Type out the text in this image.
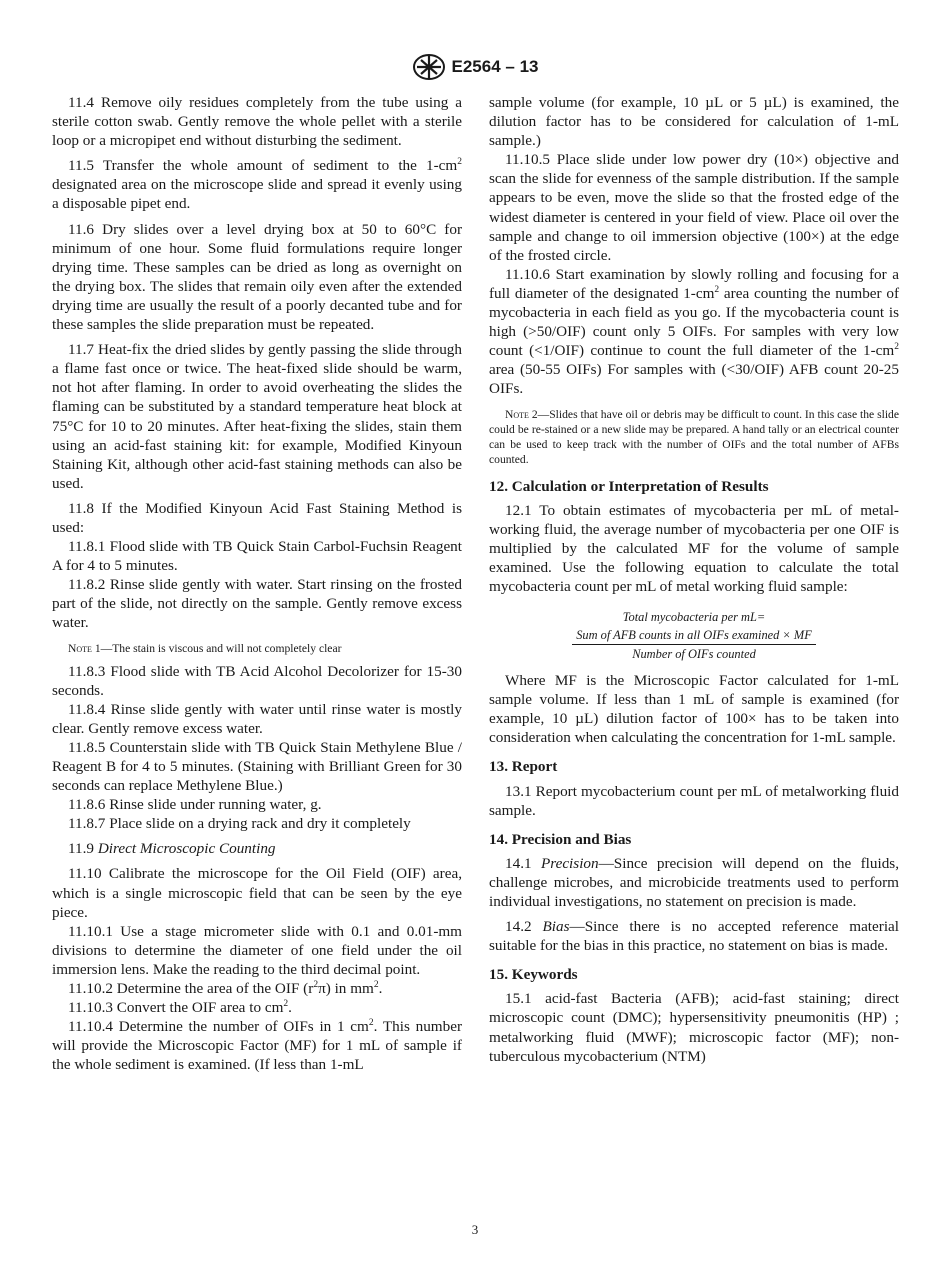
E2564 – 13

11.4 Remove oily residues completely from the tube using a sterile cotton swab. Gently remove the whole pellet with a sterile loop or a micropipet end without disturbing the sediment.

11.5 Transfer the whole amount of sediment to the $1-cm^2$ designated area on the microscope slide and spread it evenly using a disposable pipet end.

11.6 Dry slides over a level drying box at 50 to 60°C for minimum of one hour. Some fluid formulations require longer drying time. These samples can be dried as long as overnight on the drying box. The slides that remain oily even after the extended drying time are usually the result of a poorly decanted tube and for these samples the slide preparation must be repeated.

11.7 Heat-fix the dried slides by gently passing the slide through a flame fast once or twice. The heat-fixed slide should be warm, not hot after flaming. In order to avoid overheating the slides the flaming can be substituted by a standard temperature heat block at 75°C for 10 to 20 minutes. After heat-fixing the slides, stain them using an acid-fast staining kit: for example, Modified Kinyoun Staining Kit, although other acid-fast staining methods can also be used.

11.8 If the Modified Kinyoun Acid Fast Staining Method is used:

11.8.1 Flood slide with TB Quick Stain Carbol-Fuchsin Reagent A for 4 to 5 minutes.

11.8.2 Rinse slide gently with water. Start rinsing on the frosted part of the slide, not directly on the sample. Gently remove excess water.

Note 1—The stain is viscous and will not completely clear

11.8.3 Flood slide with TB Acid Alcohol Decolorizer for 15-30 seconds.

11.8.4 Rinse slide gently with water until rinse water is mostly clear. Gently remove excess water.

11.8.5 Counterstain slide with TB Quick Stain Methylene Blue / Reagent B for 4 to 5 minutes. (Staining with Brilliant Green for 30 seconds can replace Methylene Blue.)

11.8.6 Rinse slide under running water, g.

11.8.7 Place slide on a drying rack and dry it completely

11.9 Direct Microscopic Counting

11.10 Calibrate the microscope for the Oil Field (OIF) area, which is a single microscopic field that can be seen by the eye piece.

11.10.1 Use a stage micrometer slide with 0.1 and 0.01-mm divisions to determine the diameter of one field under the oil immersion lens. Make the reading to the third decimal point.

11.10.2 Determine the area of the OIF $(r^2\pi)$ in $mm^2$.

11.10.3 Convert the OIF area to $cm^2$.

11.10.4 Determine the number of OIFs in 1 $cm^2$. This number will provide the Microscopic Factor (MF) for 1 mL of sample if the whole sediment is examined. (If less than 1-mL

sample volume (for example, 10 µL or 5 µL) is examined, the dilution factor has to be considered for calculation of 1-mL sample.)

11.10.5 Place slide under low power dry (10×) objective and scan the slide for evenness of the sample distribution. If the sample appears to be even, move the slide so that the frosted edge of the widest diameter is centered in your field of view. Place oil over the sample and change to oil immersion objective (100×) at the edge of the frosted circle.

11.10.6 Start examination by slowly rolling and focusing for a full diameter of the designated $1-cm^2$ area counting the number of mycobacteria in each field as you go. If the mycobacteria count is high (>50/OIF) count only 5 OIFs. For samples with very low count (<1/OIF) continue to count the full diameter of the $1-cm^2$ area (50-55 OIFs) For samples with (<30/OIF) AFB count 20-25 OIFs.

Note 2—Slides that have oil or debris may be difficult to count. In this case the slide could be re-stained or a new slide may be prepared. A hand tally or an electrical counter can be used to keep track with the number of OIFs and the total number of AFBs counted.
12. Calculation or Interpretation of Results

12.1 To obtain estimates of mycobacteria per mL of metal-working fluid, the average number of mycobacteria per one OIF is multiplied by the calculated MF for the volume of sample examined. Use the following equation to calculate the total mycobacteria count per mL of metal working fluid sample:

Total mycobacteria per mL=
$\frac{\text{Sum of AFB counts in all OIFs examined × MF}}{\text{Number of OIFs counted}}$

Where MF is the Microscopic Factor calculated for 1-mL sample volume. If less than 1 mL of sample is examined (for example, 10 µL) dilution factor of 100× has to be taken into consideration when calculating the concentration for 1-mL sample.

13. Report

13.1 Report mycobacterium count per mL of metalworking fluid sample.

14. Precision and Bias

14.1 Precision—Since precision will depend on the fluids, challenge microbes, and microbicide treatments used to perform individual investigations, no statement on precision is made.

14.2 Bias—Since there is no accepted reference material suitable for the bias in this practice, no statement on bias is made.

15. Keywords

15.1 acid-fast Bacteria (AFB); acid-fast staining; direct microscopic count (DMC); hypersensitivity pneumonitis (HP) ; metalworking fluid (MWF); microscopic factor (MF); non-tuberculous mycobacterium (NTM)

3
